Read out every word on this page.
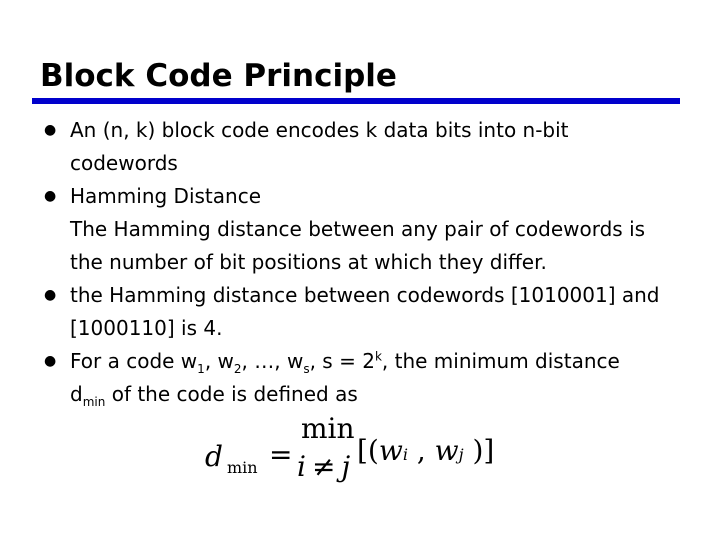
Block Code Principle
● An (n, k) block code encodes k data bits into n-bit
codewords
● Hamming Distance
The Hamming distance between any pair of codewords is
the number of bit positions at which they differ.
● the Hamming distance between codewords [1010001] and
[1000110] is 4.
● For a code $w_1$, $w_2$, …, $w_s$, $s = 2^k$, the minimum distance
$d_{min}$ of the code is defined as
d min =
min
i ≠ j [(wi , wj )]
